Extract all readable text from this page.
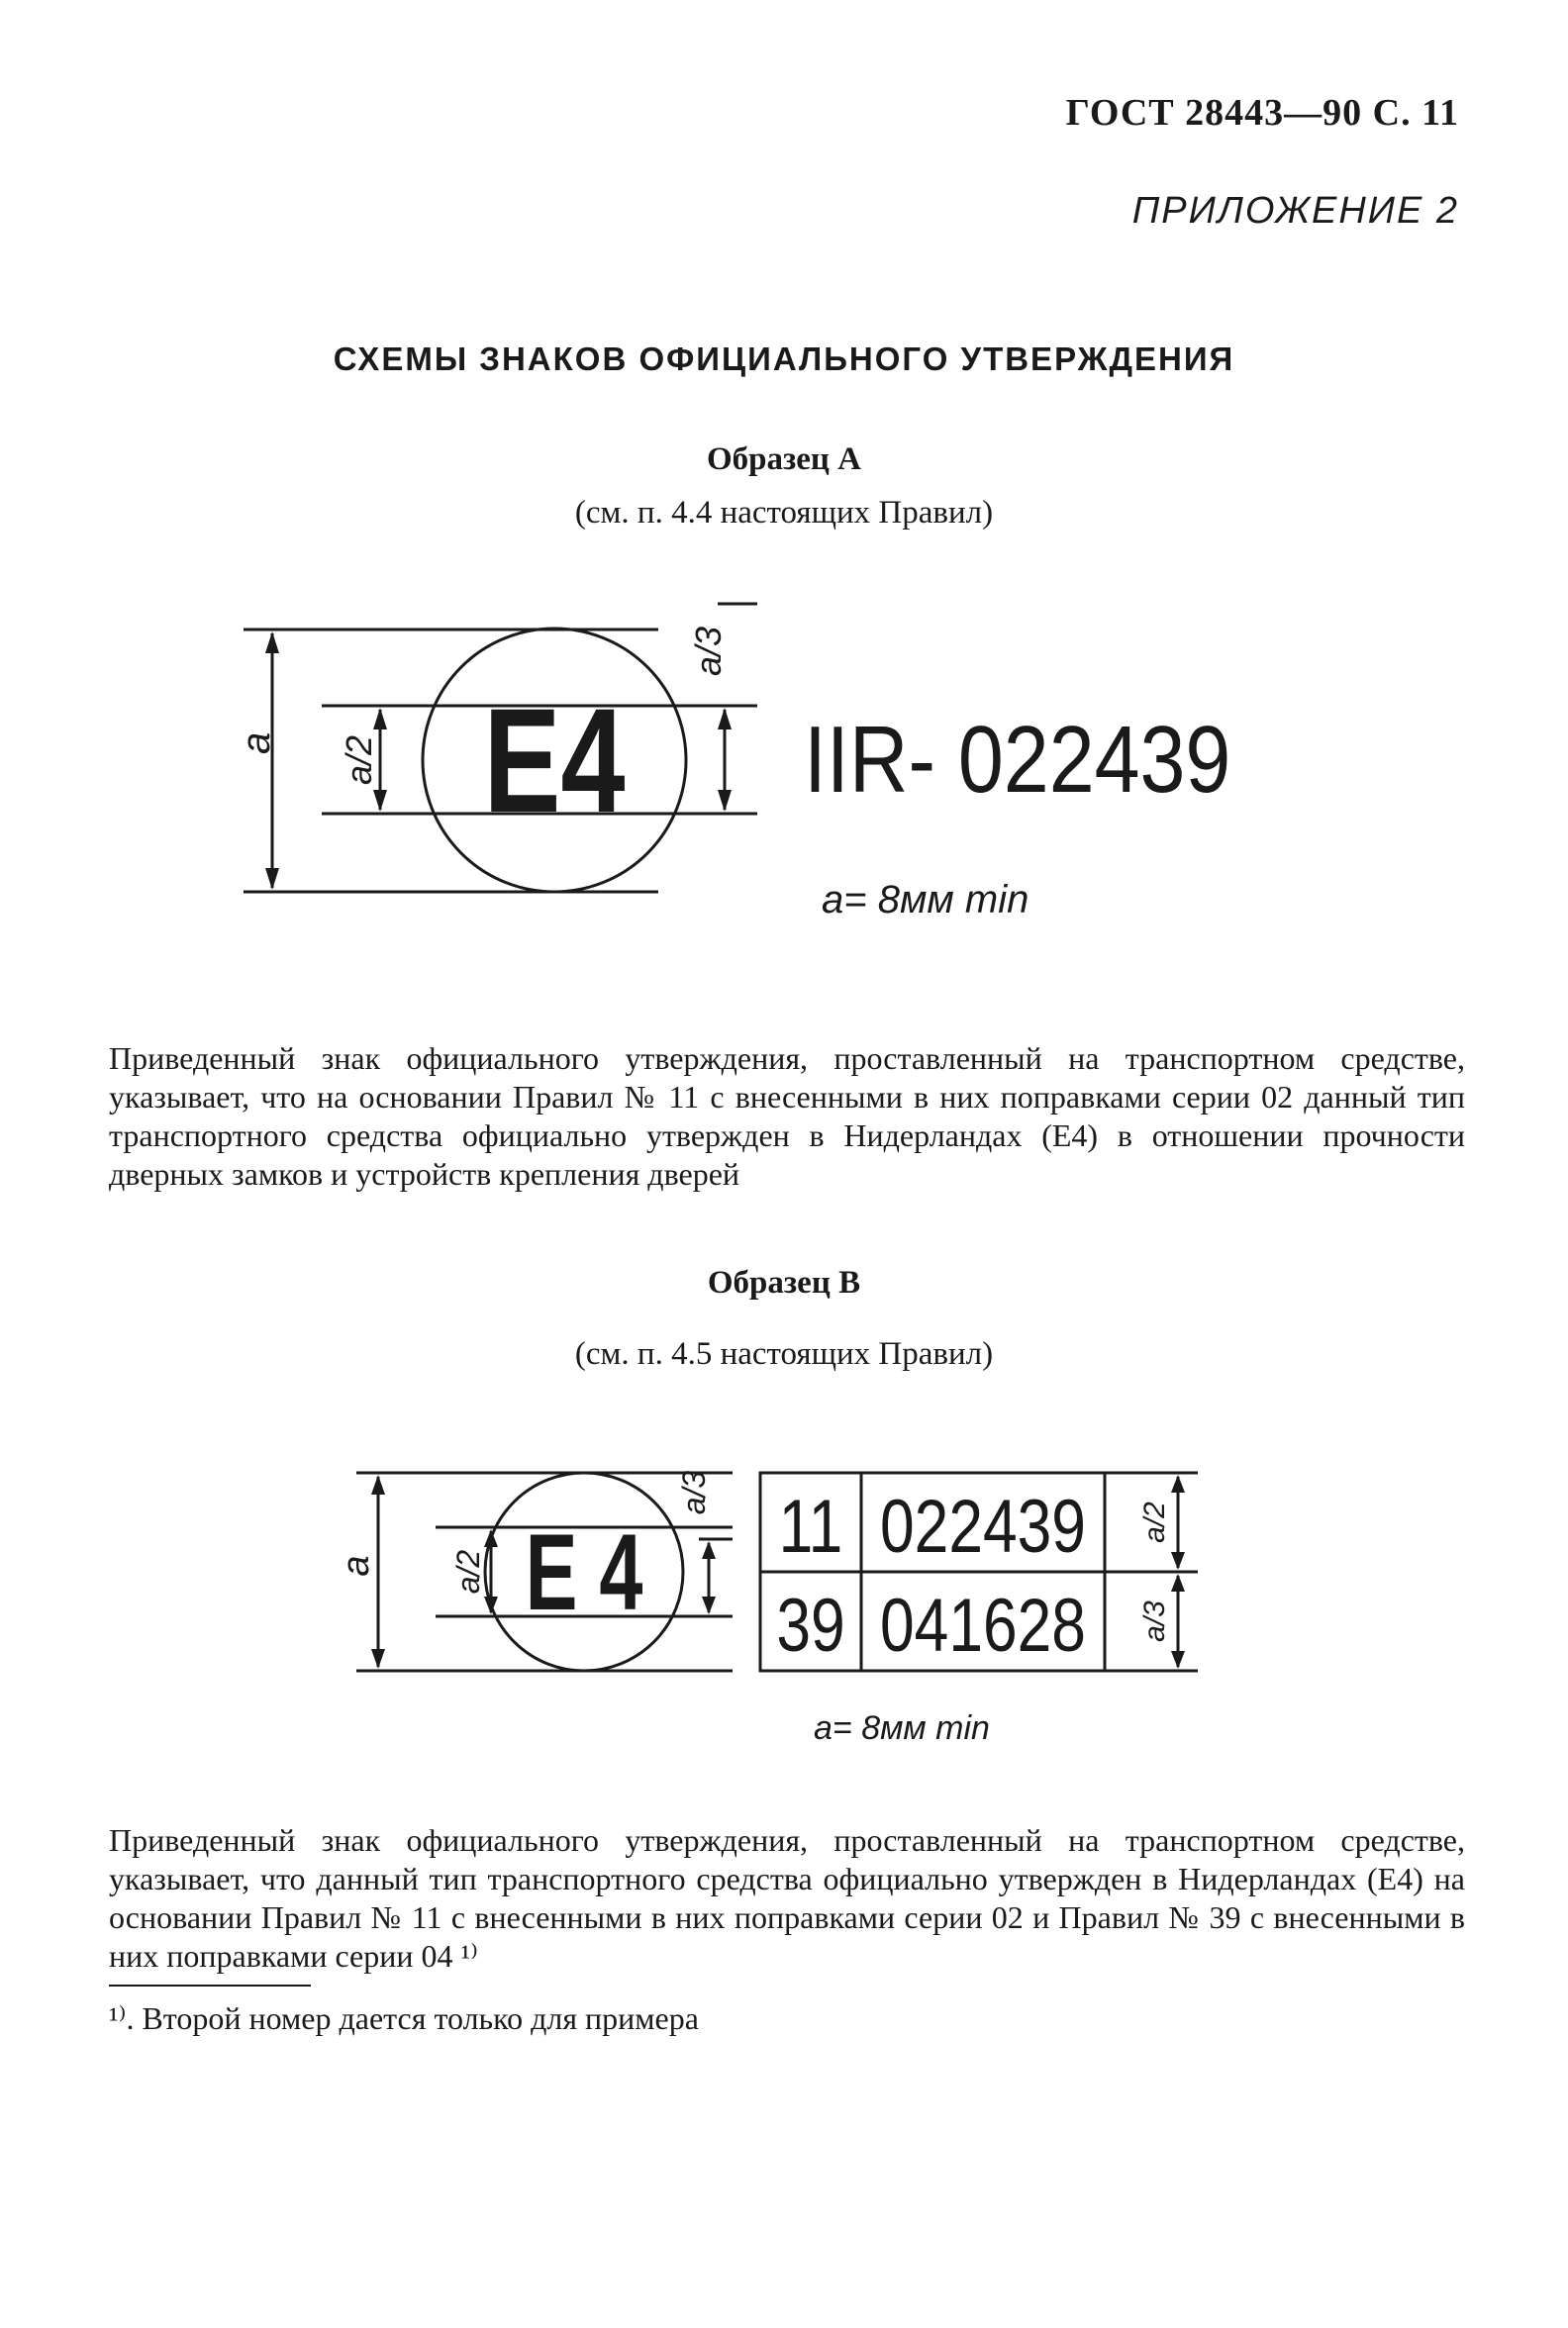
ГОСТ 28443—90 С. 11
ПРИЛОЖЕНИЕ 2
СХЕМЫ ЗНАКОВ ОФИЦИАЛЬНОГО УТВЕРЖДЕНИЯ
Образец А
(см. п. 4.4 настоящих Правил)
a a/2
a/3
E4 IIR- 022439
a= 8мм min
Приведенный знак официального утверждения, проставленный на транспортном средстве, указывает, что на основании Правил № 11 с внесенными в них поправками серии 02 данный тип транспортного средства официально утвержден в Нидерландах (E4) в отношении прочности дверных замков и устройств крепления дверей
Образец В
(см. п. 4.5 настоящих Правил)
a a/2
a/3
E 4 11 022439
39 041628
a/2
a/3
a= 8мм min
Приведенный знак официального утверждения, проставленный на транспортном средстве, указывает, что данный тип транспортного средства официально утвержден в Нидерландах (E4) на основании Правил № 11 с внесенными в них поправками серии 02 и Правил № 39 с внесенными в них поправками серии 04 ¹⁾
¹⁾. Второй номер дается только для примера
